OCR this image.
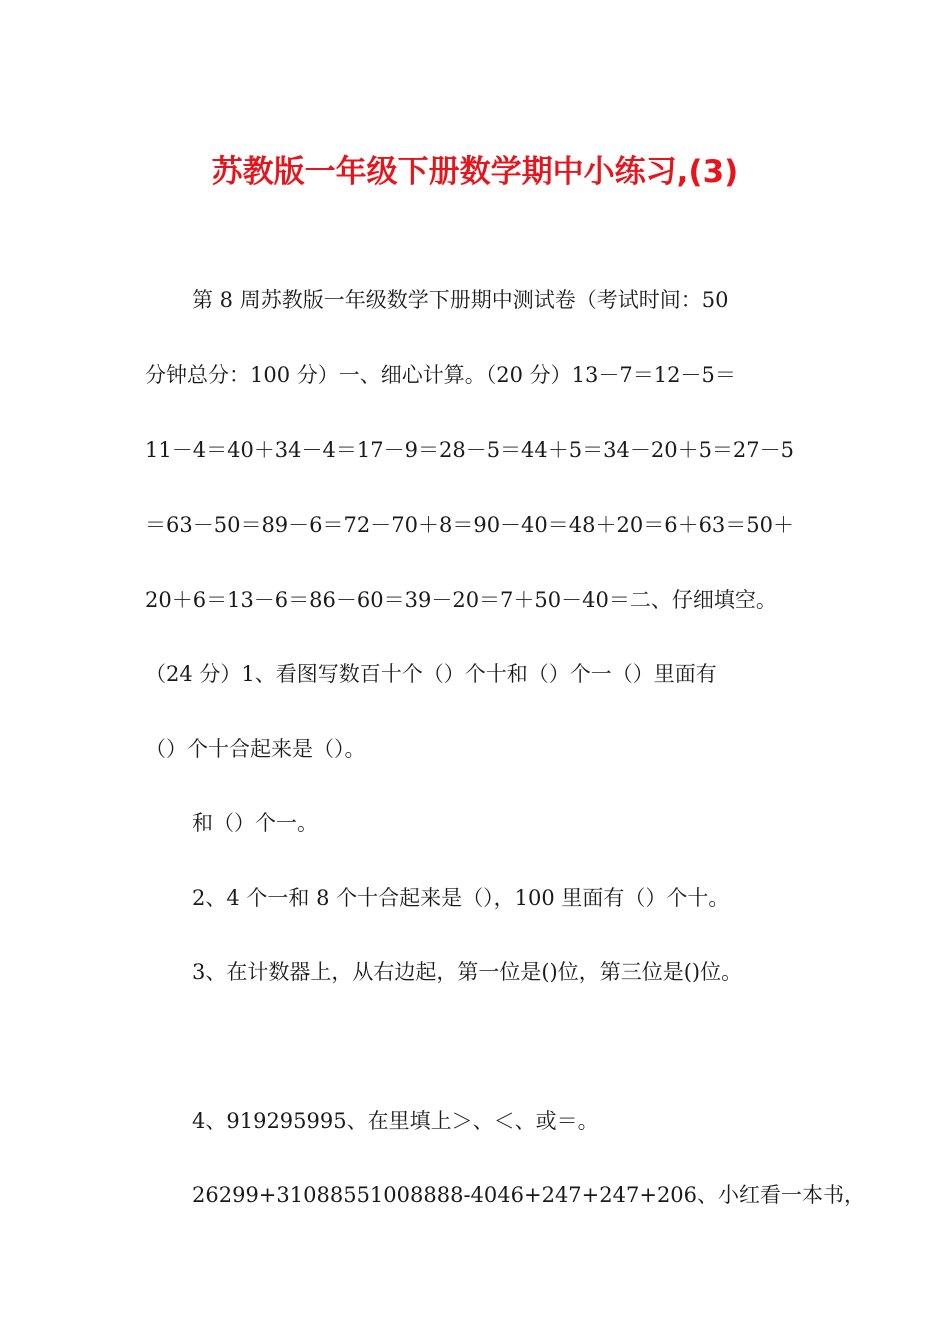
苏教版一年级下册数学期中小练习,(3)

第 8 周苏教版一年级数学下册期中测试卷（考试时间：50

分钟总分：100 分）一、细心计算。（20 分）13－7＝12－5＝

11－4＝40＋34－4＝17－9＝28－5＝44＋5＝34－20＋5＝27－5

＝63－50＝89－6＝72－70＋8＝90－40＝48＋20＝6＋63＝50＋

20＋6＝13－6＝86－60＝39－20＝7＋50－40＝二、仔细填空。

（24 分）1、看图写数百十个（）个十和（）个一（）里面有

（）个十合起来是（）。

和（）个一。

2、4 个一和 8 个十合起来是（），100 里面有（）个十。

3、在计数器上，从右边起，第一位是()位，第三位是()位。

4、919295995、在里填上＞、＜、或＝。

26299+31088551008888-4046+247+247+206、小红看一本书，
